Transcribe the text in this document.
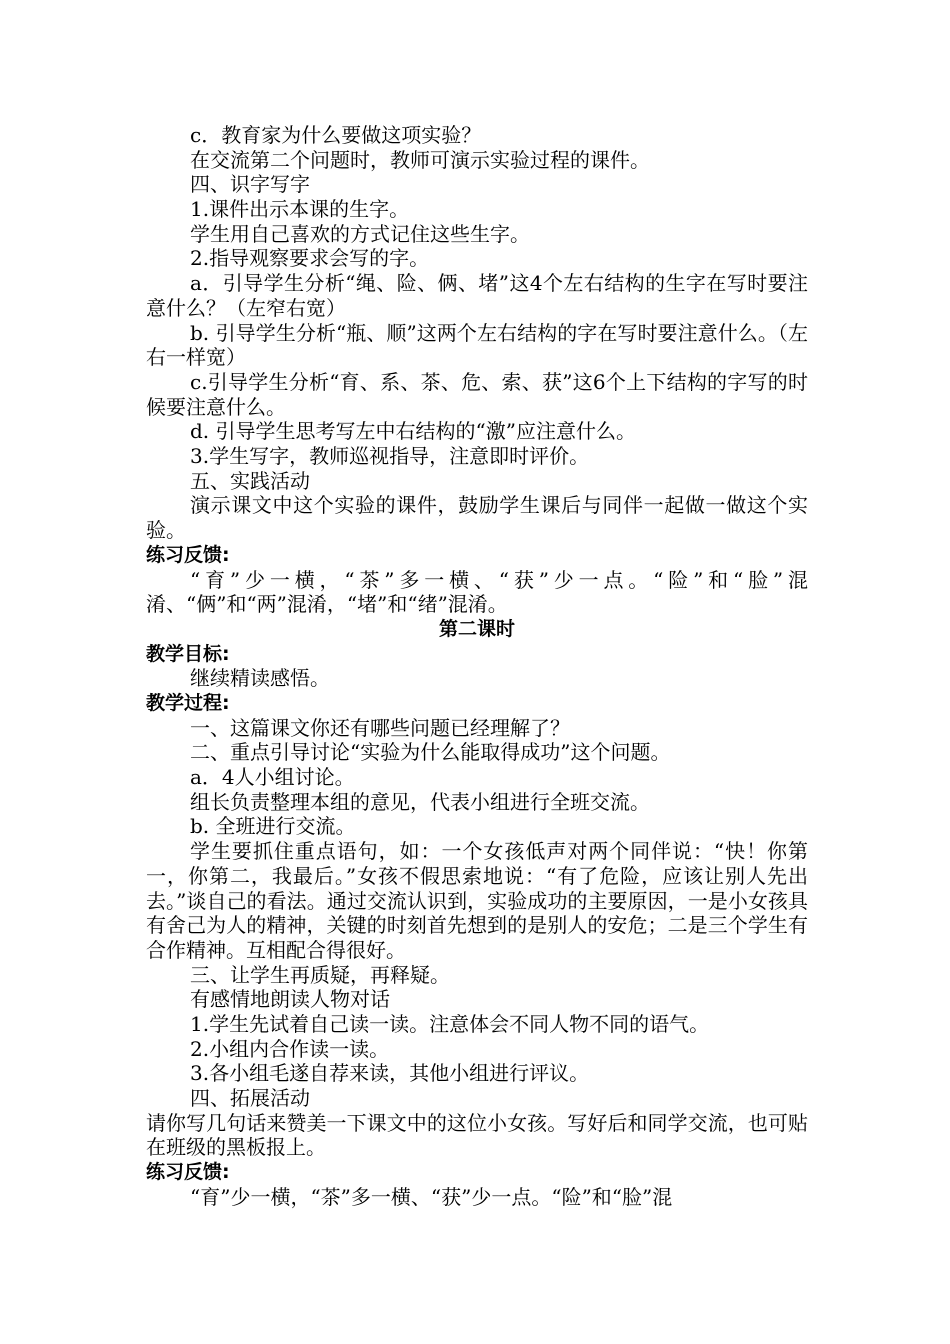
c．教育家为什么要做这项实验？
在交流第二个问题时，教师可演示实验过程的课件。
四、识字写字
1.课件出示本课的生字。
学生用自己喜欢的方式记住这些生字。
2.指导观察要求会写的字。
a．引导学生分析“绳、险、俩、堵”这4个左右结构的生字在写时要注意什么？（左窄右宽）
b. 引导学生分析“瓶、顺”这两个左右结构的字在写时要注意什么。（左右一样宽）
c.引导学生分析“育、系、茶、危、索、获”这6个上下结构的字写的时候要注意什么。
d. 引导学生思考写左中右结构的“激”应注意什么。
3.学生写字，教师巡视指导，注意即时评价。
五、实践活动
演示课文中这个实验的课件，鼓励学生课后与同伴一起做一做这个实验。
练习反馈:
“育”少一横，“茶”多一横、“获”少一点。“险”和“脸”混淆、“俩”和“两”混淆，“堵”和“绪”混淆。
第二课时
教学目标:
继续精读感悟。
教学过程:
一、这篇课文你还有哪些问题已经理解了？
二、重点引导讨论“实验为什么能取得成功”这个问题。
a．4人小组讨论。
组长负责整理本组的意见，代表小组进行全班交流。
b. 全班进行交流。
学生要抓住重点语句，如：一个女孩低声对两个同伴说：“快！你第一，你第二，我最后。”女孩不假思索地说：“有了危险，应该让别人先出去。”谈自己的看法。通过交流认识到，实验成功的主要原因，一是小女孩具有舍己为人的精神，关键的时刻首先想到的是别人的安危；二是三个学生有合作精神。互相配合得很好。
三、让学生再质疑，再释疑。
有感情地朗读人物对话
1.学生先试着自己读一读。注意体会不同人物不同的语气。
2.小组内合作读一读。
3.各小组毛遂自荐来读，其他小组进行评议。
四、拓展活动
请你写几句话来赞美一下课文中的这位小女孩。写好后和同学交流，也可贴在班级的黑板报上。
练习反馈:
“育”少一横，“茶”多一横、“获”少一点。“险”和“脸”混
